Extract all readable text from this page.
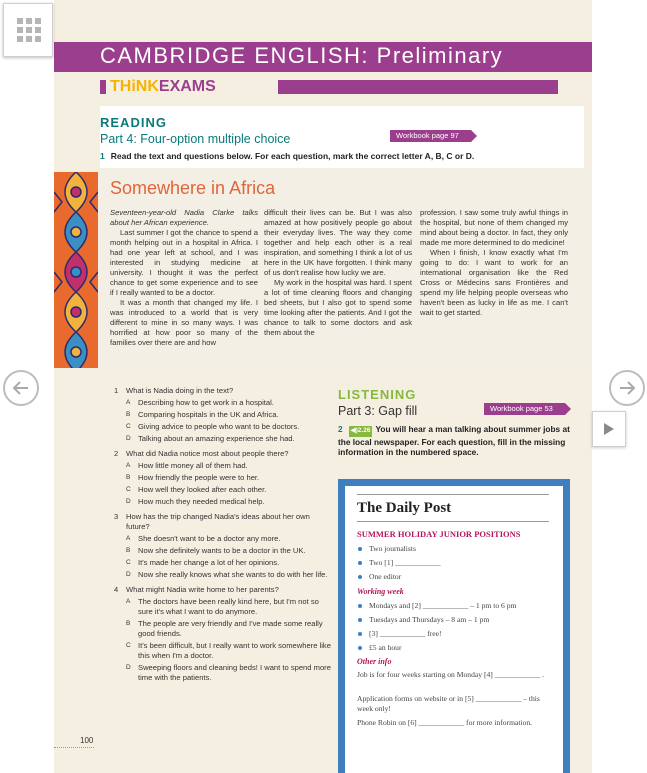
CAMBRIDGE ENGLISH: Preliminary
THiNKEXAMS
READING
Part 4: Four-option multiple choice	Workbook page 97
1 Read the text and questions below. For each question, mark the correct letter A, B, C or D.
Somewhere in Africa

Seventeen-year-old Nadia Clarke talks about her African experience.

Last summer I got the chance to spend a month helping out in a hospital in Africa. I had one year left at school, and I was interested in studying medicine at university. I thought it was the perfect chance to get some experience and to see if I really wanted to be a doctor.

It was a month that changed my life. I was introduced to a world that is very different to mine in so many ways. I was horrified at how poor so many of the families over there are and how

difficult their lives can be. But I was also amazed at how positively people go about their everyday lives. The way they come together and help each other is a real inspiration, and something I think a lot of us here in the UK have forgotten. I think many of us don't realise how lucky we are.

My work in the hospital was hard. I spent a lot of time cleaning floors and changing bed sheets, but I also got to spend some time looking after the patients. And I got the chance to talk to some doctors and ask them about the

profession. I saw some truly awful things in the hospital, but none of them changed my mind about being a doctor. In fact, they only made me more determined to do medicine!

When I finish, I know exactly what I'm going to do: I want to work for an international organisation like the Red Cross or Médecins sans Frontières and spend my life helping people overseas who haven't been as lucky in life as me. I can't wait to get started.

1 What is Nadia doing in the text?
A Describing how to get work in a hospital.
B Comparing hospitals in the UK and Africa.
C Giving advice to people who want to be doctors.
D Talking about an amazing experience she had.
2 What did Nadia notice most about people there?
A How little money all of them had.
B How friendly the people were to her.
C How well they looked after each other.
D How much they needed medical help.
3 How has the trip changed Nadia's ideas about her own future?
A She doesn't want to be a doctor any more.
B Now she definitely wants to be a doctor in the UK.
C It's made her change a lot of her opinions.
D Now she really knows what she wants to do with her life.
4 What might Nadia write home to her parents?
A The doctors have been really kind here, but I'm not so sure it's what I want to do anymore.
B The people are very friendly and I've made some really good friends.
C It's been difficult, but I really want to work somewhere like this when I'm a doctor.
D Sweeping floors and cleaning beds! I want to spend more time with the patients.
LISTENING
Part 3: Gap fill	Workbook page 53
2 ◀)2.26 You will hear a man talking about summer jobs at the local newspaper. For each question, fill in the missing information in the numbered space.
The Daily Post
SUMMER HOLIDAY JUNIOR POSITIONS
Two journalists
Two [1] ____________
One editor
Working week
Mondays and [2] ____________ – 1 pm to 6 pm
Tuesdays and Thursdays – 8 am – 1 pm
[3] ____________ free!
£5 an hour
Other info
Job is for four weeks starting on Monday [4] ____________ .
Application forms on website or in [5] ____________ – this week only!
Phone Robin on [6] ____________ for more information.
100
